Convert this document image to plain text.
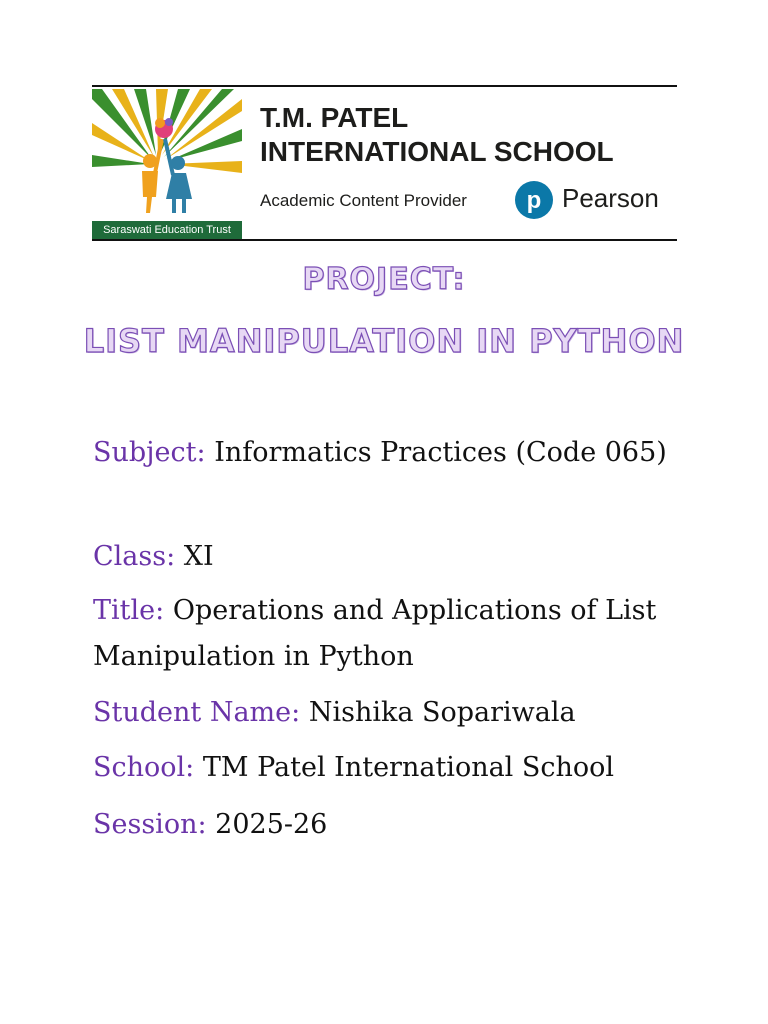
Saraswati Education Trust
T.M. PATEL
INTERNATIONAL SCHOOL
Academic Content Provider p Pearson
PROJECT:
LIST MANIPULATION IN PYTHON
Subject: Informatics Practices (Code 065)
Class: XI
Title: Operations and Applications of List Manipulation in Python
Student Name: Nishika Sopariwala
School: TM Patel International School
Session: 2025-26
